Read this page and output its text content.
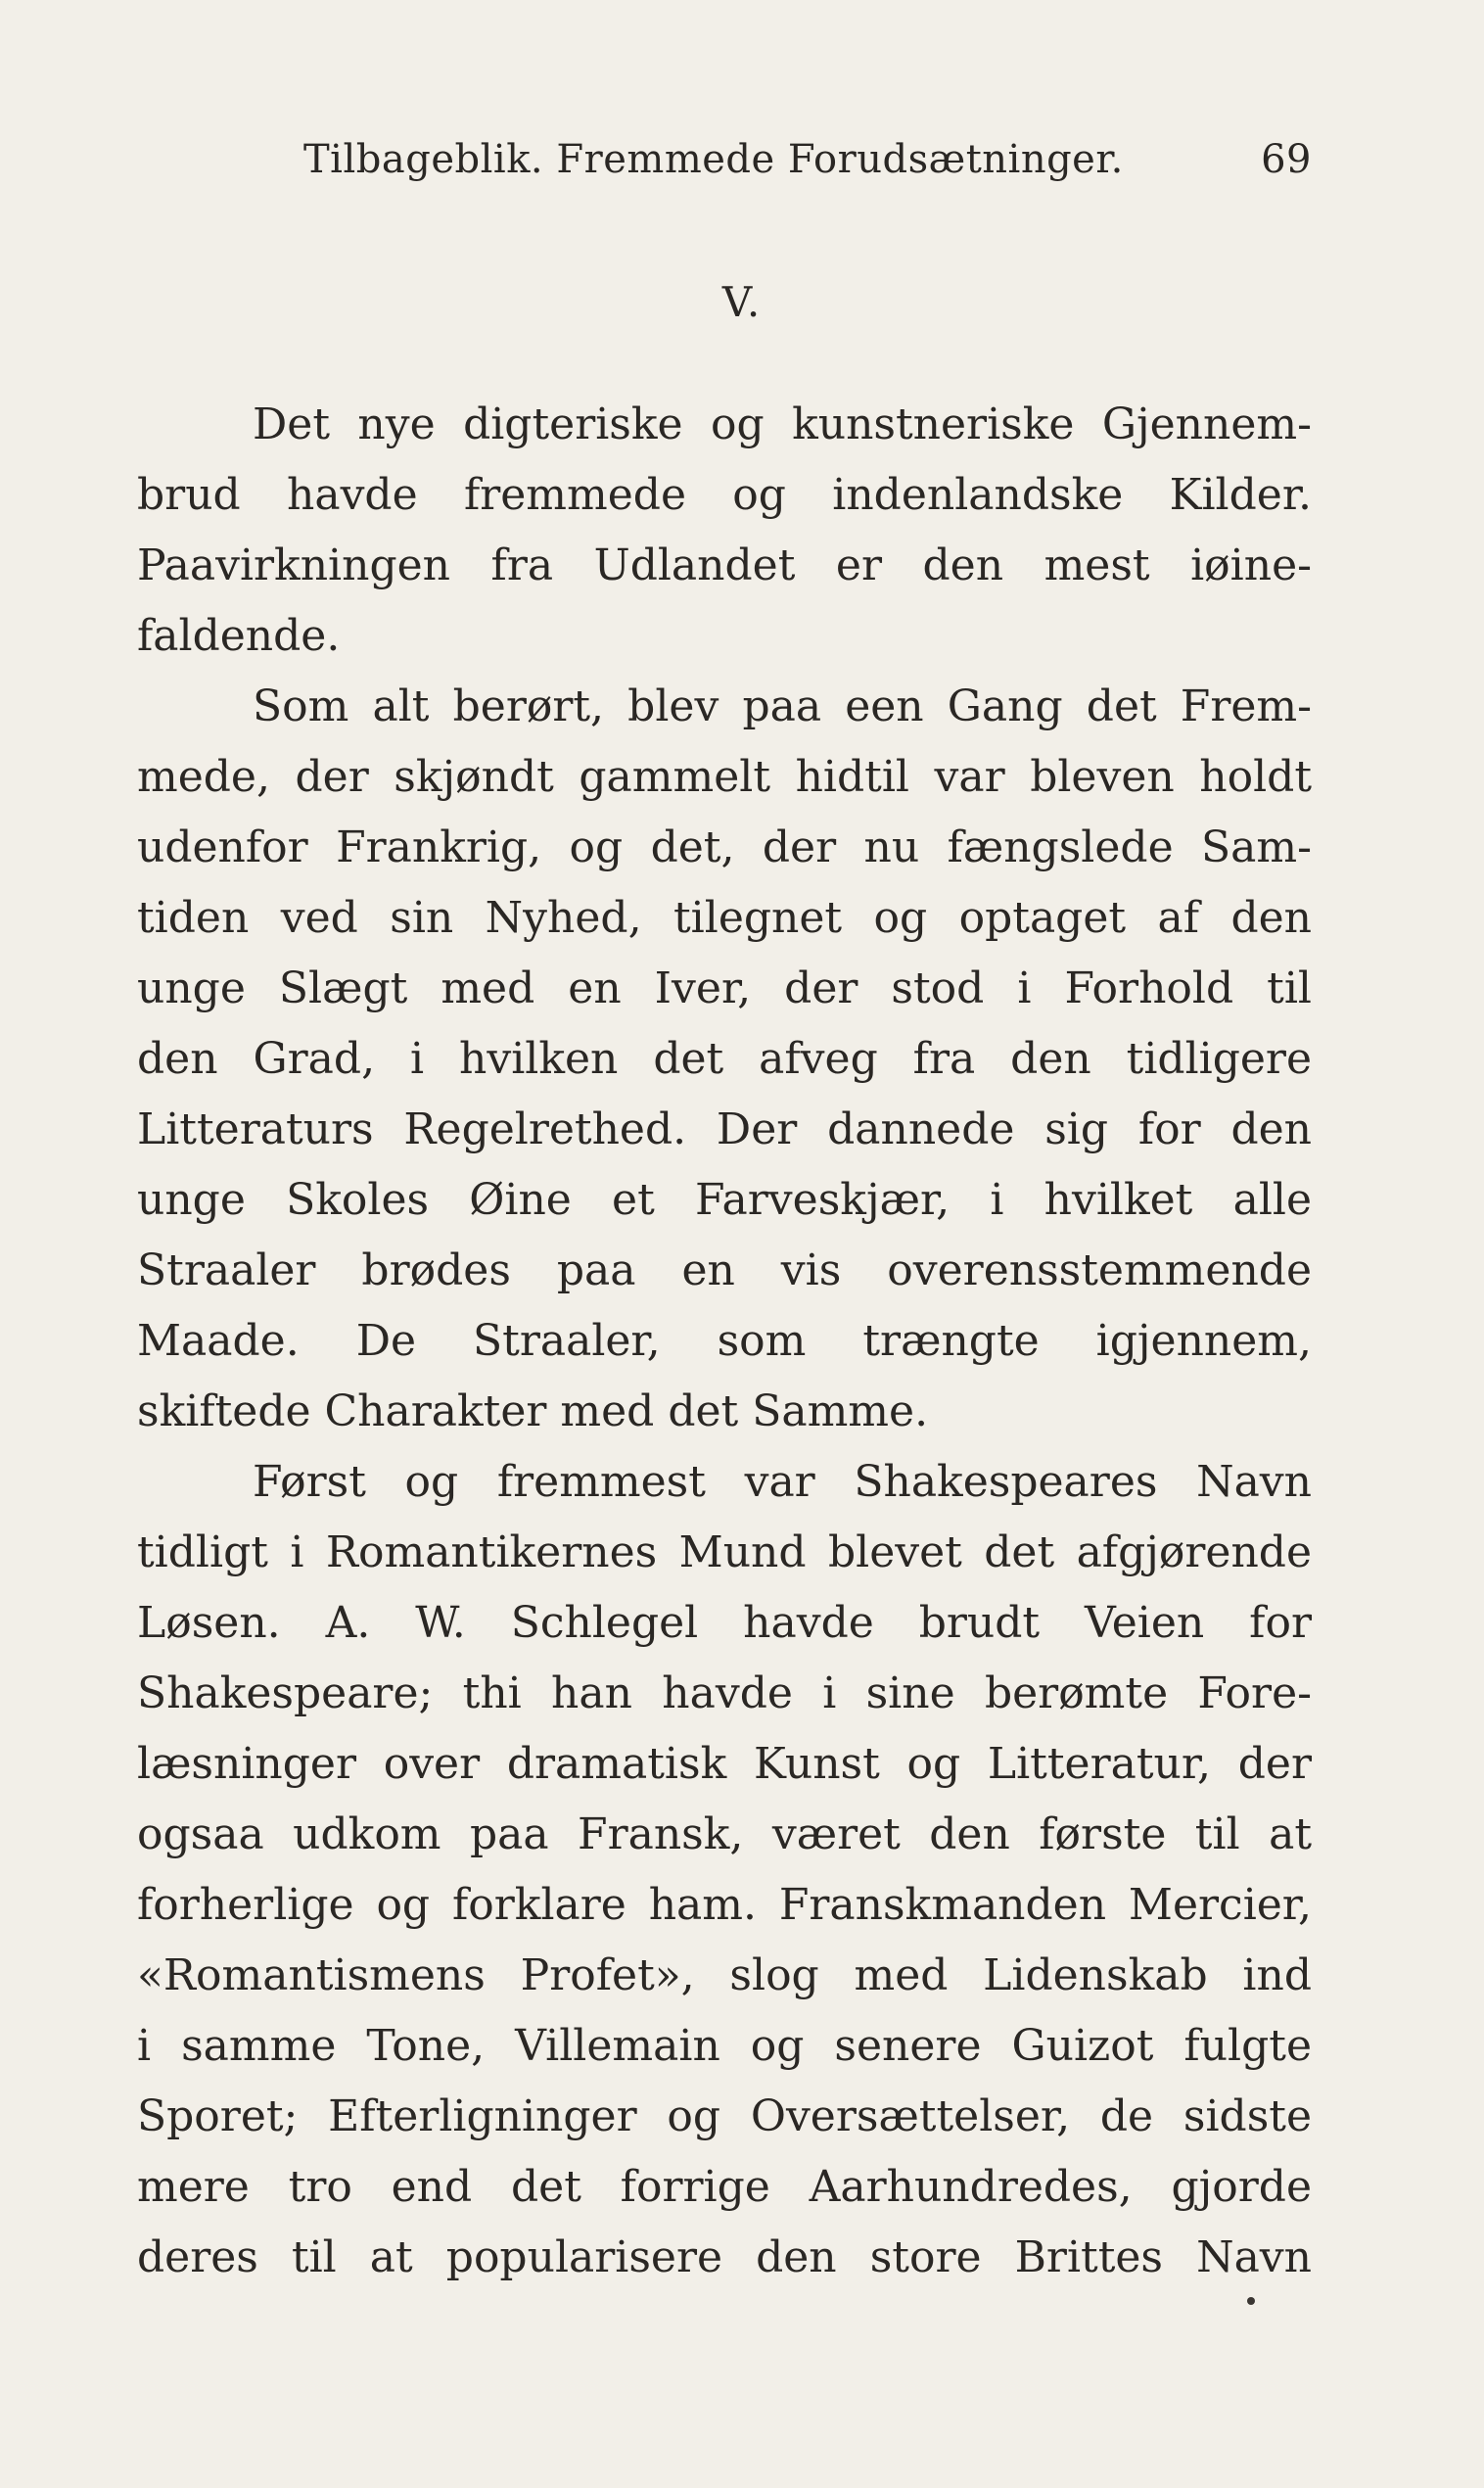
Tilbageblik. Fremmede Forudsætninger.	69
V.
Det nye digteriske og kunstneriske Gjennem-
brud havde fremmede og indenlandske Kilder.
Paavirkningen fra Udlandet er den mest iøine-
faldende.
Som alt berørt, blev paa een Gang det Frem-
mede, der skjøndt gammelt hidtil var bleven holdt
udenfor Frankrig, og det, der nu fængslede Sam-
tiden ved sin Nyhed, tilegnet og optaget af den
unge Slægt med en Iver, der stod i Forhold til
den Grad, i hvilken det afveg fra den tidligere
Litteraturs Regelrethed. Der dannede sig for den
unge Skoles Øine et Farveskjær, i hvilket alle
Straaler brødes paa en vis overensstemmende
Maade. De Straaler, som trængte igjennem,
skiftede Charakter med det Samme.
Først og fremmest var Shakespeares Navn
tidligt i Romantikernes Mund blevet det afgjørende
Løsen. A. W. Schlegel havde brudt Veien for
Shakespeare; thi han havde i sine berømte Fore-
læsninger over dramatisk Kunst og Litteratur, der
ogsaa udkom paa Fransk, været den første til at
forherlige og forklare ham. Franskmanden Mercier,
«Romantismens Profet», slog med Lidenskab ind
i samme Tone, Villemain og senere Guizot fulgte
Sporet; Efterligninger og Oversættelser, de sidste
mere tro end det forrige Aarhundredes, gjorde
deres til at popularisere den store Brittes Navn
